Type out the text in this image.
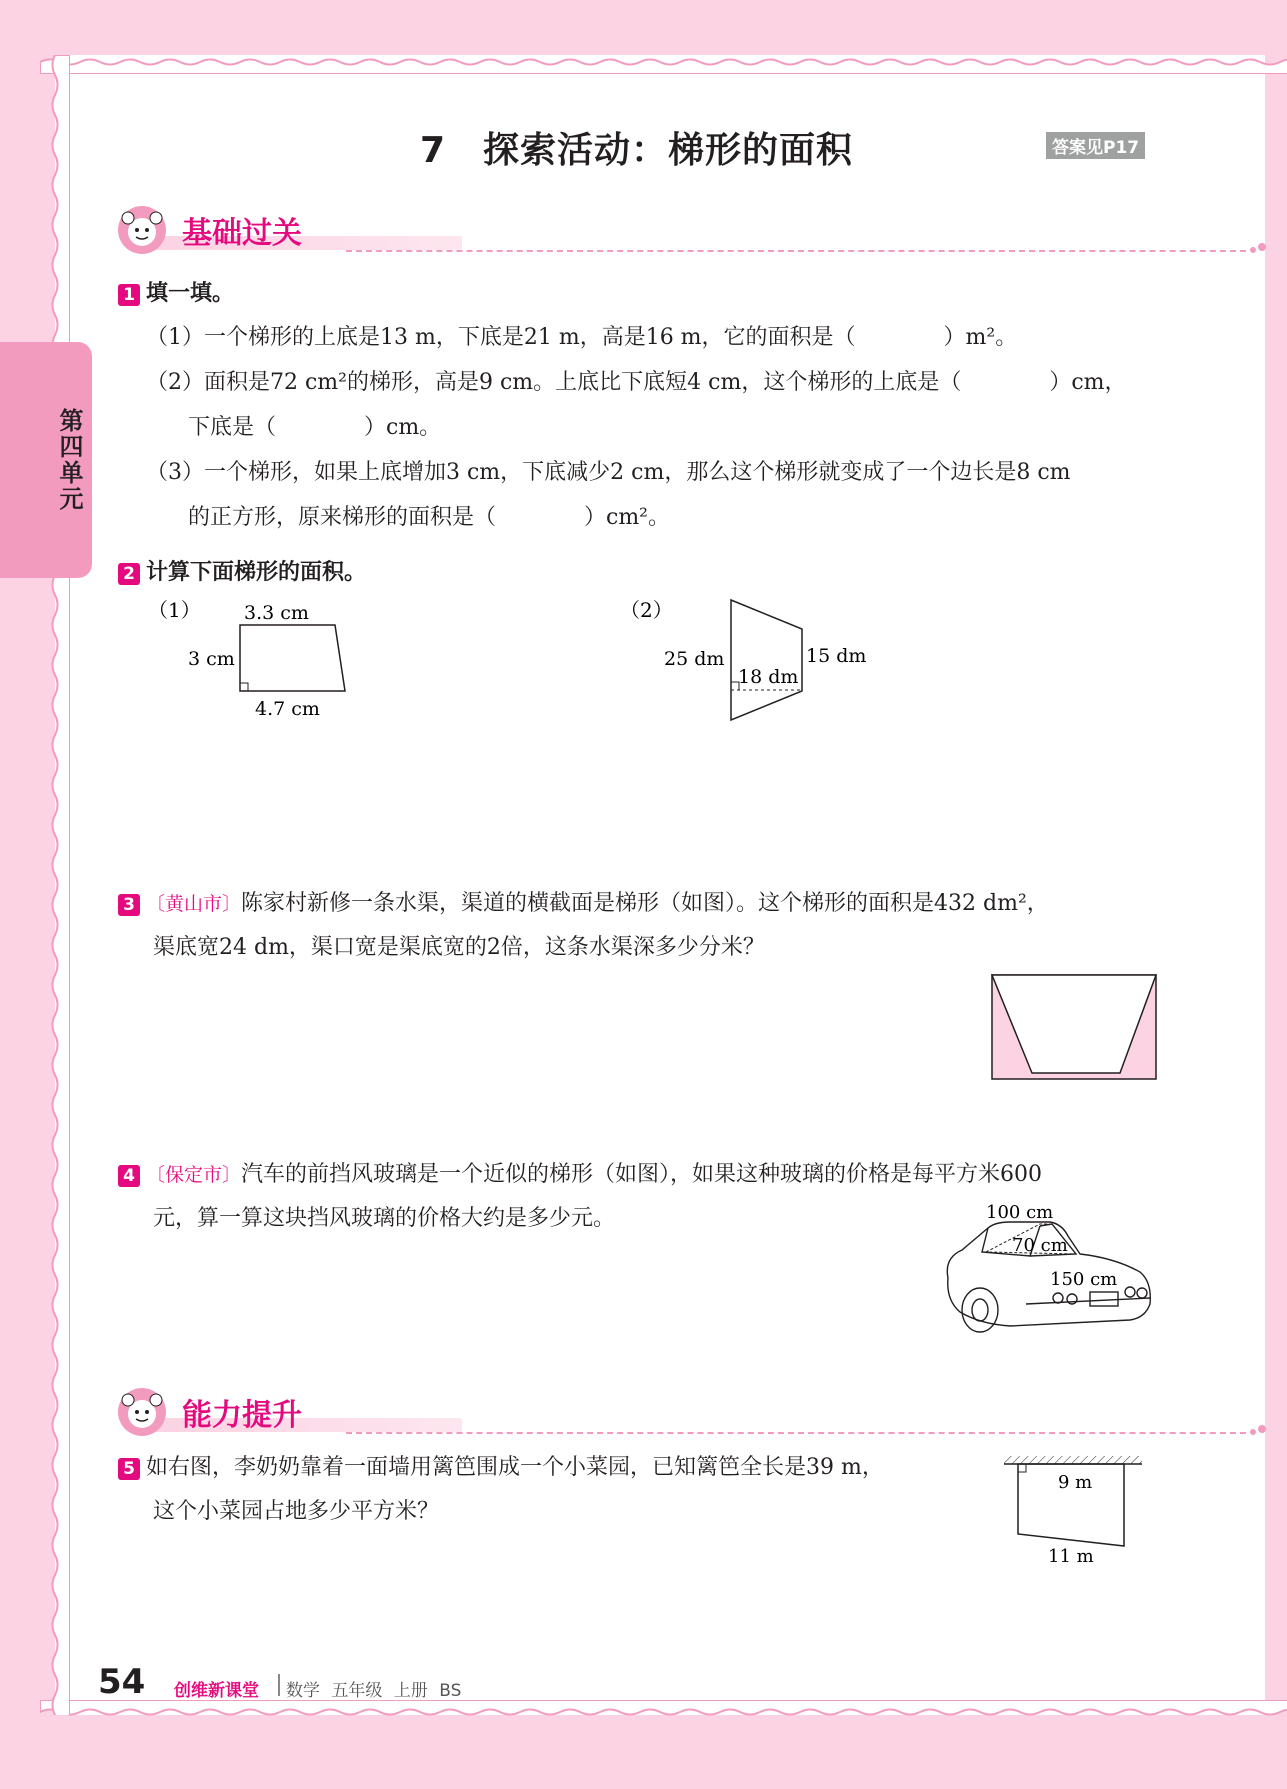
第四单元
7　探索活动：梯形的面积	答案见P17
基础过关
1 填一填。
（1）一个梯形的上底是13 m，下底是21 m，高是16 m，它的面积是（　　　　）m²。
（2）面积是72 cm²的梯形，高是9 cm。上底比下底短4 cm，这个梯形的上底是（　　　　）cm，
下底是（　　　　）cm。
（3）一个梯形，如果上底增加3 cm，下底减少2 cm，那么这个梯形就变成了一个边长是8 cm
的正方形，原来梯形的面积是（　　　　）cm²。
2 计算下面梯形的面积。
（1） 3.3 cm
3 cm
4.7 cm
（2）
25 dm
18 dm
15 dm
3 〔黄山市〕陈家村新修一条水渠，渠道的横截面是梯形（如图）。这个梯形的面积是432 dm²，
渠底宽24 dm，渠口宽是渠底宽的2倍，这条水渠深多少分米？
4 〔保定市〕汽车的前挡风玻璃是一个近似的梯形（如图），如果这种玻璃的价格是每平方米600
元，算一算这块挡风玻璃的价格大约是多少元。	100 cm
70 cm
150 cm
能力提升
5 如右图，李奶奶靠着一面墙用篱笆围成一个小菜园，已知篱笆全长是39 m，
这个小菜园占地多少平方米？
9 m
11 m
54 创维新课堂 数学 五年级 上册 BS
